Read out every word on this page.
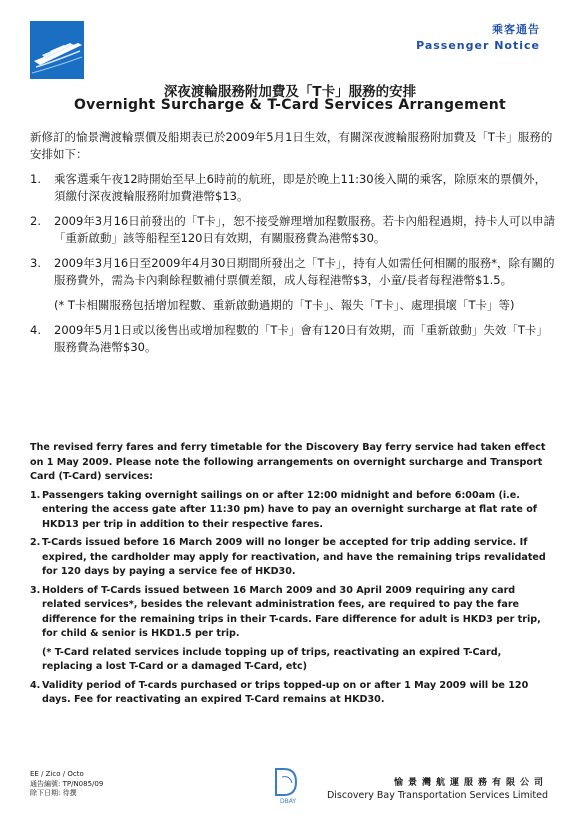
乘客通告
Passenger Notice
深夜渡輪服務附加費及「T卡」服務的安排
Overnight Surcharge & T-Card Services Arrangement

新修訂的愉景灣渡輪票價及船期表已於2009年5月1日生效，有關深夜渡輪服務附加費及「T卡」服務的安排如下：

1. 乘客選乘午夜12時開始至早上6時前的航班，即是於晚上11:30後入閘的乘客，除原來的票價外，須繳付深夜渡輪服務附加費港幣$13。
2. 2009年3月16日前發出的「T卡」，恕不接受辦理增加程數服務。若卡內船程過期，持卡人可以申請「重新啟動」該等船程至120日有效期，有關服務費為港幣$30。
3. 2009年3月16日至2009年4月30日期間所發出之「T卡」，持有人如需任何相關的服務*，除有關的服務費外，需為卡內剩餘程數補付票價差額，成人每程港幣$3，小童/長者每程港幣$1.5。
(* T卡相關服務包括增加程數、重新啟動過期的「T卡」、報失「T卡」、處理損壞「T卡」等)
4. 2009年5月1日或以後售出或增加程數的「T卡」會有120日有效期，而「重新啟動」失效「T卡」服務費為港幣$30。

The revised ferry fares and ferry timetable for the Discovery Bay ferry service had taken effect on 1 May 2009. Please note the following arrangements on overnight surcharge and Transport Card (T-Card) services:

1. Passengers taking overnight sailings on or after 12:00 midnight and before 6:00am (i.e. entering the access gate after 11:30 pm) have to pay an overnight surcharge at flat rate of HKD13 per trip in addition to their respective fares.
2. T-Cards issued before 16 March 2009 will no longer be accepted for trip adding service. If expired, the cardholder may apply for reactivation, and have the remaining trips revalidated for 120 days by paying a service fee of HKD30.
3. Holders of T-Cards issued between 16 March 2009 and 30 April 2009 requiring any card related services*, besides the relevant administration fees, are required to pay the fare difference for the remaining trips in their T-cards. Fare difference for adult is HKD3 per trip, for child & senior is HKD1.5 per trip.
(* T-Card related services include topping up of trips, reactivating an expired T-Card, replacing a lost T-Card or a damaged T-Card, etc)
4. Validity period of T-cards purchased or trips topped-up on or after 1 May 2009 will be 120 days. Fee for reactivating an expired T-Card remains at HKD30.
EE / Zico / Octo
通告編號: TP/N085/09
除下日期: 待撰
DBAY
愉景灣航運服務有限公司
Discovery Bay Transportation Services Limited
